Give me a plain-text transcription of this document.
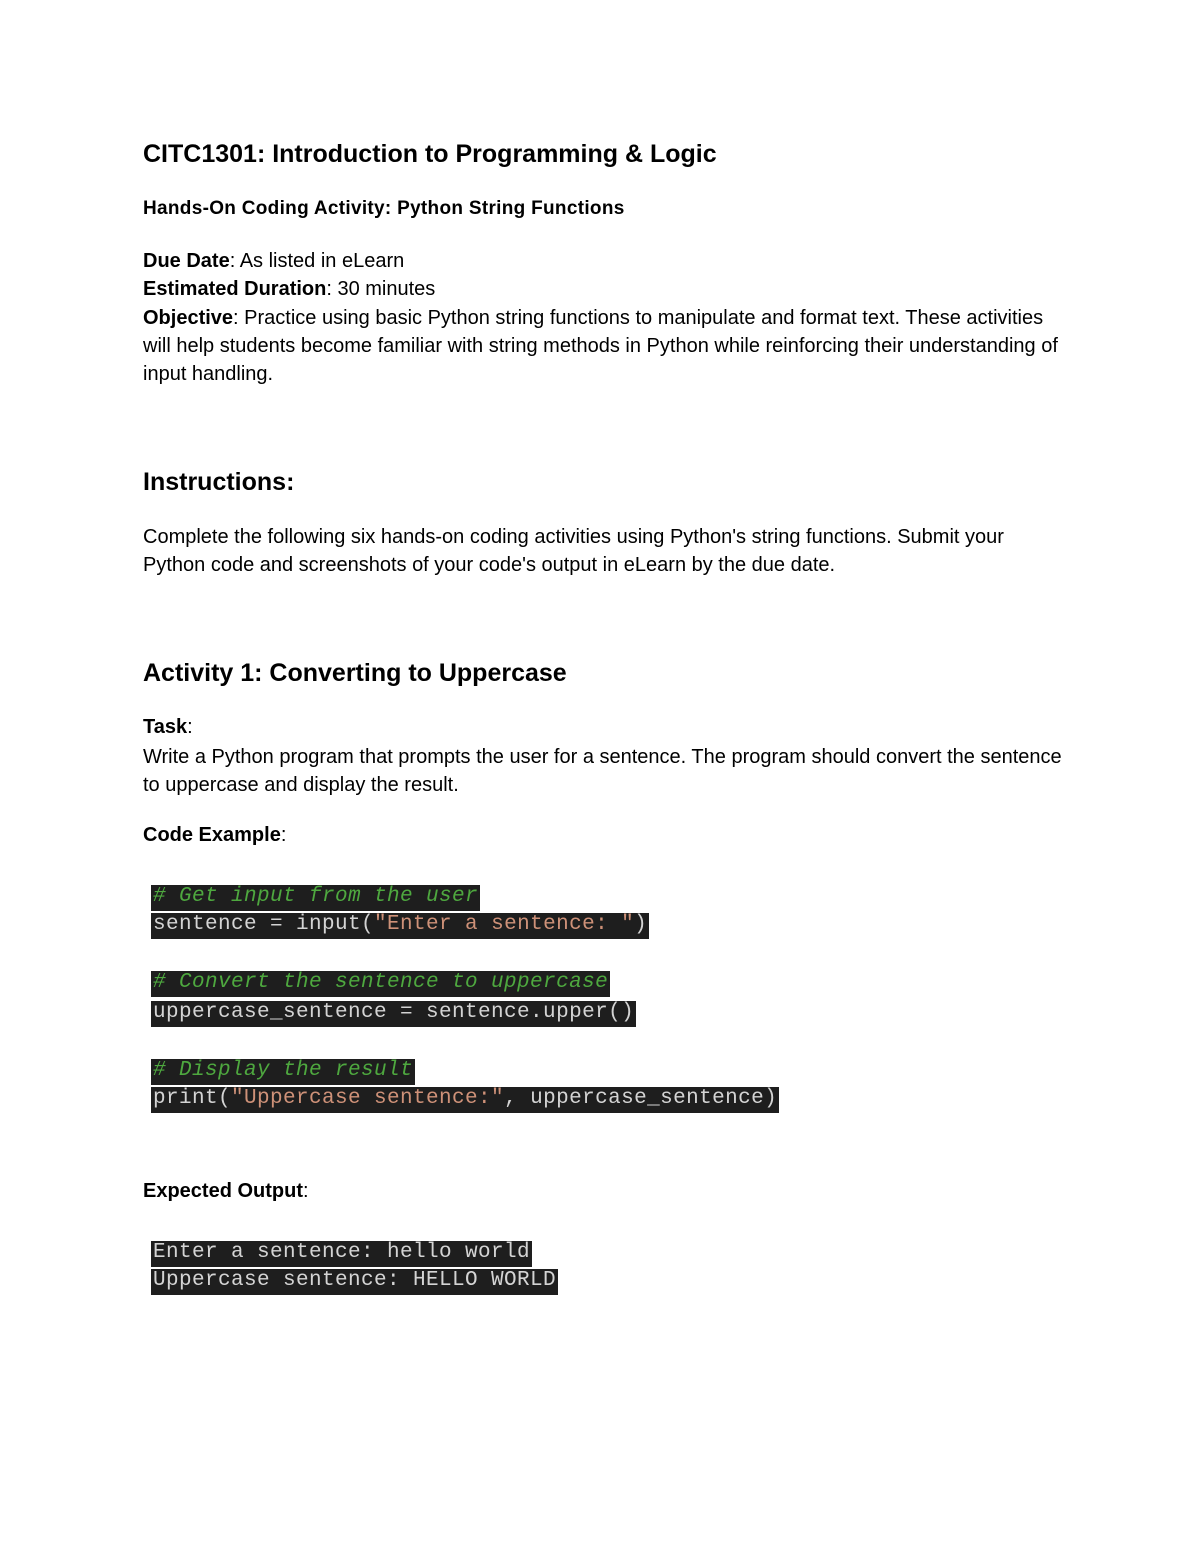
CITC1301: Introduction to Programming & Logic
Hands-On Coding Activity: Python String Functions
Due Date: As listed in eLearn
Estimated Duration: 30 minutes
Objective: Practice using basic Python string functions to manipulate and format text. These activities will help students become familiar with string methods in Python while reinforcing their understanding of input handling.
Instructions:
Complete the following six hands-on coding activities using Python's string functions. Submit your Python code and screenshots of your code's output in eLearn by the due date.
Activity 1: Converting to Uppercase
Task:
Write a Python program that prompts the user for a sentence. The program should convert the sentence to uppercase and display the result.
Code Example:
# Get input from the user
sentence = input("Enter a sentence: ")
# Convert the sentence to uppercase
uppercase_sentence = sentence.upper()
# Display the result
print("Uppercase sentence:", uppercase_sentence)
Expected Output:
Enter a sentence: hello world
Uppercase sentence: HELLO WORLD
